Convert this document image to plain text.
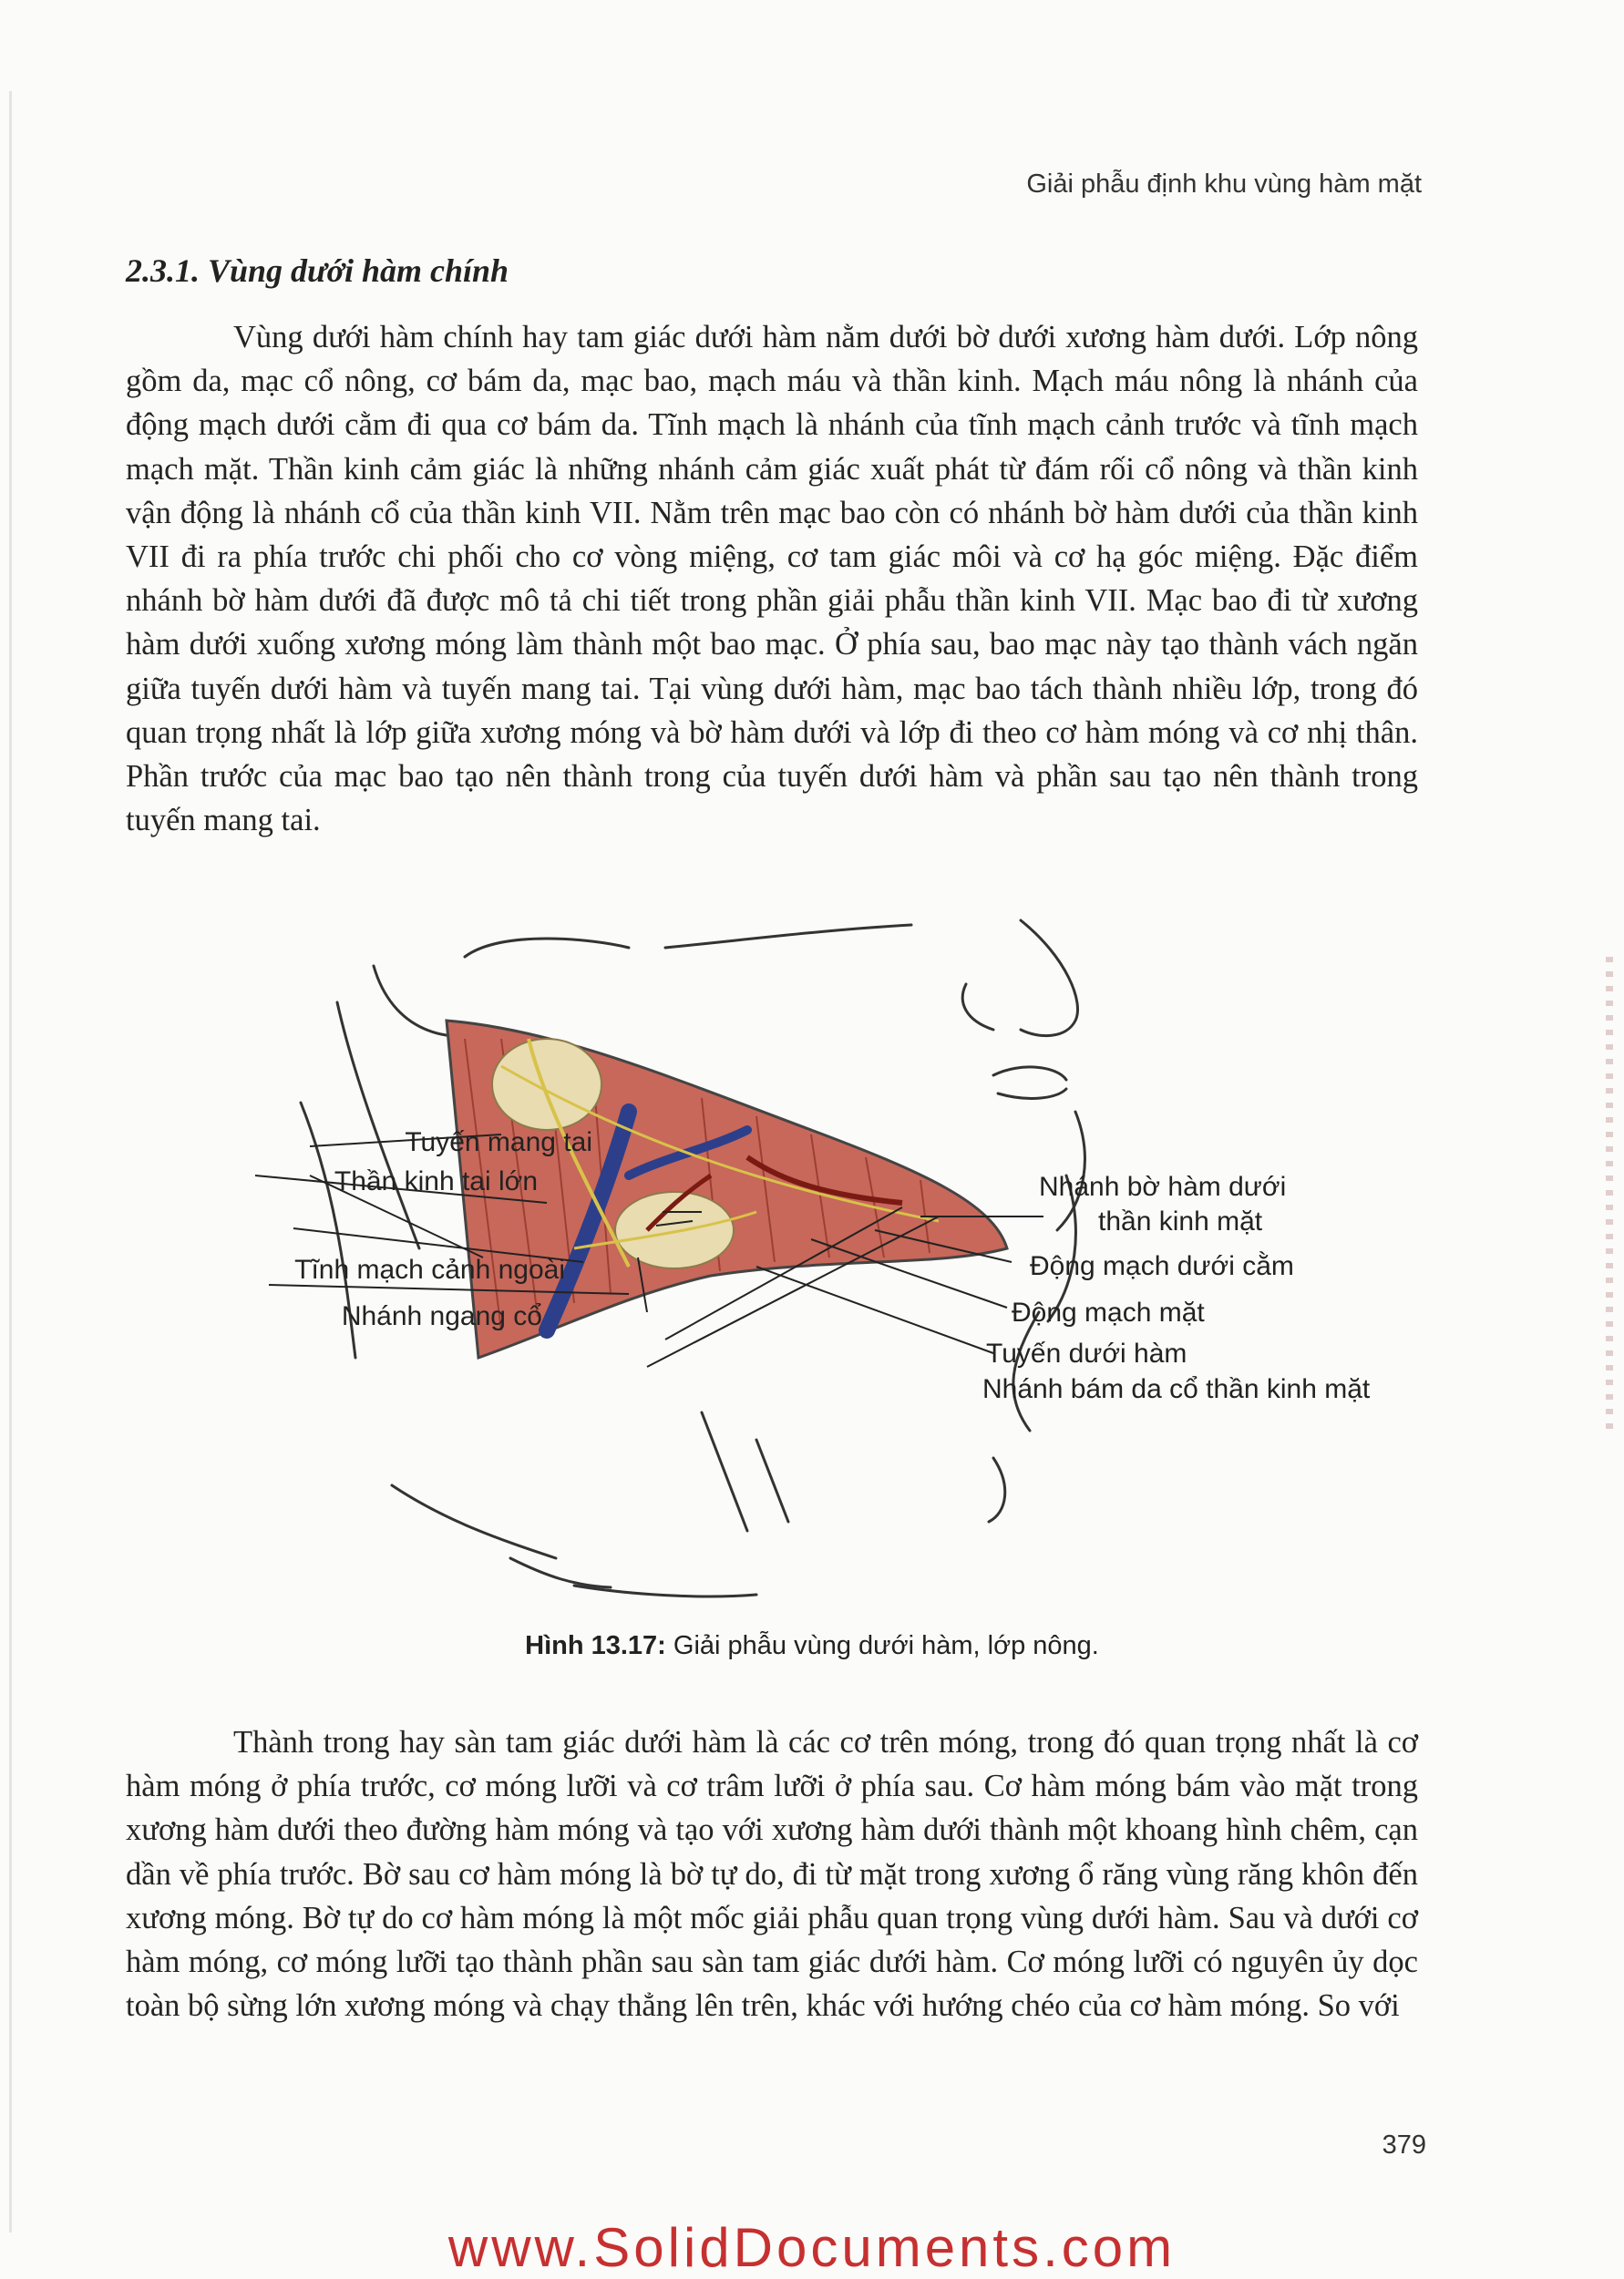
Giải phẫu định khu vùng hàm mặt
2.3.1. Vùng dưới hàm chính

Vùng dưới hàm chính hay tam giác dưới hàm nằm dưới bờ dưới xương hàm dưới. Lớp nông gồm da, mạc cổ nông, cơ bám da, mạc bao, mạch máu và thần kinh. Mạch máu nông là nhánh của động mạch dưới cằm đi qua cơ bám da. Tĩnh mạch là nhánh của tĩnh mạch cảnh trước và tĩnh mạch mạch mặt. Thần kinh cảm giác là những nhánh cảm giác xuất phát từ đám rối cổ nông và thần kinh vận động là nhánh cổ của thần kinh VII. Nằm trên mạc bao còn có nhánh bờ hàm dưới của thần kinh VII đi ra phía trước chi phối cho cơ vòng miệng, cơ tam giác môi và cơ hạ góc miệng. Đặc điểm nhánh bờ hàm dưới đã được mô tả chi tiết trong phần giải phẫu thần kinh VII. Mạc bao đi từ xương hàm dưới xuống xương móng làm thành một bao mạc. Ở phía sau, bao mạc này tạo thành vách ngăn giữa tuyến dưới hàm và tuyến mang tai. Tại vùng dưới hàm, mạc bao tách thành nhiều lớp, trong đó quan trọng nhất là lớp giữa xương móng và bờ hàm dưới và lớp đi theo cơ hàm móng và cơ nhị thân. Phần trước của mạc bao tạo nên thành trong của tuyến dưới hàm và phần sau tạo nên thành trong tuyến mang tai.

Tuyến mang tai
Thần kinh tai lớn
Tĩnh mạch cảnh ngoài
Nhánh ngang cổ
Nhánh bờ hàm dưới
thần kinh mặt
Động mạch dưới cằm
Động mạch mặt
Tuyến dưới hàm
Nhánh bám da cổ thần kinh mặt
Hình 13.17: Giải phẫu vùng dưới hàm, lớp nông.

Thành trong hay sàn tam giác dưới hàm là các cơ trên móng, trong đó quan trọng nhất là cơ hàm móng ở phía trước, cơ móng lưỡi và cơ trâm lưỡi ở phía sau. Cơ hàm móng bám vào mặt trong xương hàm dưới theo đường hàm móng và tạo với xương hàm dưới thành một khoang hình chêm, cạn dần về phía trước. Bờ sau cơ hàm móng là bờ tự do, đi từ mặt trong xương ổ răng vùng răng khôn đến xương móng. Bờ tự do cơ hàm móng là một mốc giải phẫu quan trọng vùng dưới hàm. Sau và dưới cơ hàm móng, cơ móng lưỡi tạo thành phần sau sàn tam giác dưới hàm. Cơ móng lưỡi có nguyên ủy dọc toàn bộ sừng lớn xương móng và chạy thẳng lên trên, khác với hướng chéo của cơ hàm móng. So với

379
www.SolidDocuments.com
